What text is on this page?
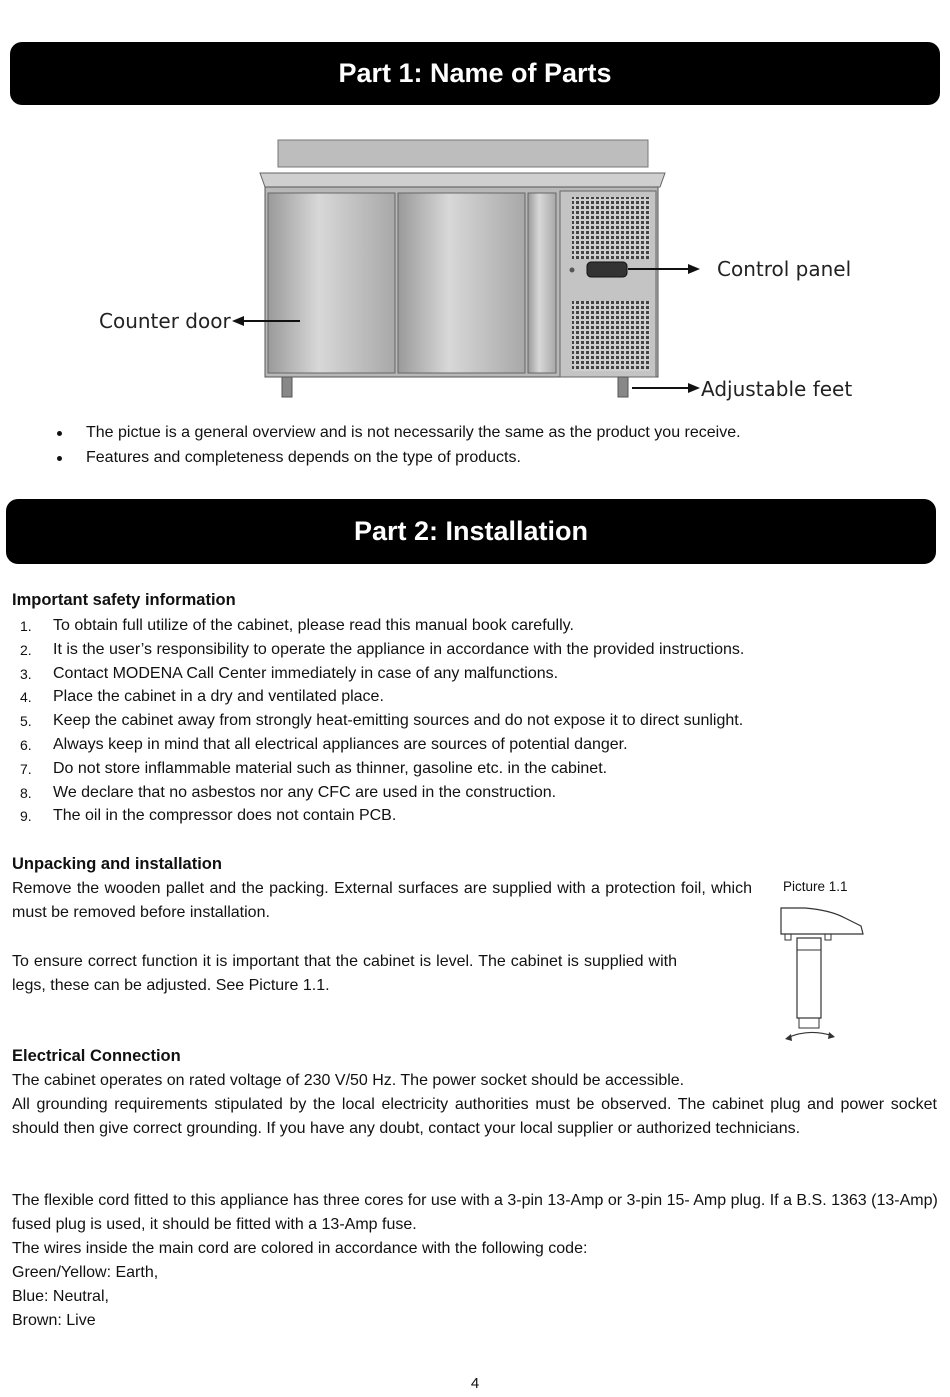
Part 1: Name of Parts
Control panel
Counter door
Adjustable feet
The pictue is a general overview and is not necessarily the same as the product you receive.
Features and completeness depends on the type of products.
Part 2: Installation
Important safety information
1.	To obtain full utilize of the cabinet, please read this manual book carefully.
2.	It is the user’s responsibility to operate the appliance in accordance with the provided instructions.
3.	Contact MODENA Call Center immediately in case of any malfunctions.
4.	Place the cabinet in a dry and ventilated place.
5.	Keep the cabinet away from strongly heat-emitting sources and do not expose it to direct sunlight.
6.	Always keep in mind that all electrical appliances are sources of potential danger.
7.	Do not store inflammable material such as thinner, gasoline etc. in the cabinet.
8.	We declare that no asbestos nor any CFC are used in the construction.
9.	The oil in the compressor does not contain PCB.
Unpacking and installation
Remove the wooden pallet and the packing. External surfaces are supplied with a protection foil, which must be removed before installation.
To ensure correct function it is important that the cabinet is level. The cabinet is supplied with legs, these can be adjusted. See Picture 1.1.
Picture 1.1
Electrical Connection
The cabinet operates on rated voltage of 230 V/50 Hz. The power socket should be accessible.
All grounding requirements stipulated by the local electricity authorities must be observed. The cabinet plug and power socket should then give correct grounding. If you have any doubt, contact your local supplier or authorized technicians.
The flexible cord fitted to this appliance has three cores for use with a 3-pin 13-Amp or 3-pin 15- Amp plug. If a B.S. 1363 (13-Amp) fused plug is used, it should be fitted with a 13-Amp fuse.
The wires inside the main cord are colored in accordance with the following code:
Green/Yellow: Earth,
Blue: Neutral,
Brown: Live
4
